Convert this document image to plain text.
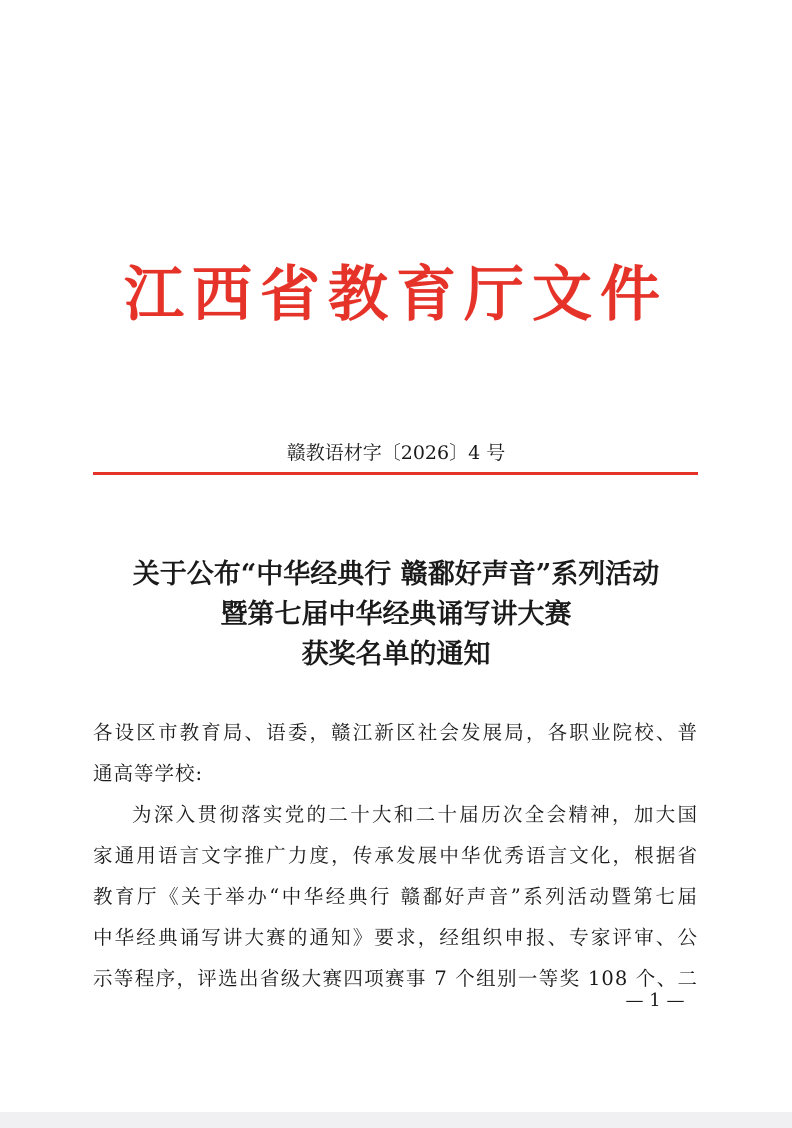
江西省教育厅文件
赣教语材字〔2026〕4 号
关于公布“中华经典行 赣鄱好声音”系列活动
暨第七届中华经典诵写讲大赛
获奖名单的通知
各设区市教育局、语委，赣江新区社会发展局，各职业院校、普
通高等学校:
为深入贯彻落实党的二十大和二十届历次全会精神，加大国
家通用语言文字推广力度，传承发展中华优秀语言文化，根据省
教育厅《关于举办“中华经典行 赣鄱好声音”系列活动暨第七届
中华经典诵写讲大赛的通知》要求，经组织申报、专家评审、公
示等程序，评选出省级大赛四项赛事 7 个组别一等奖 108 个、二
— 1 —
